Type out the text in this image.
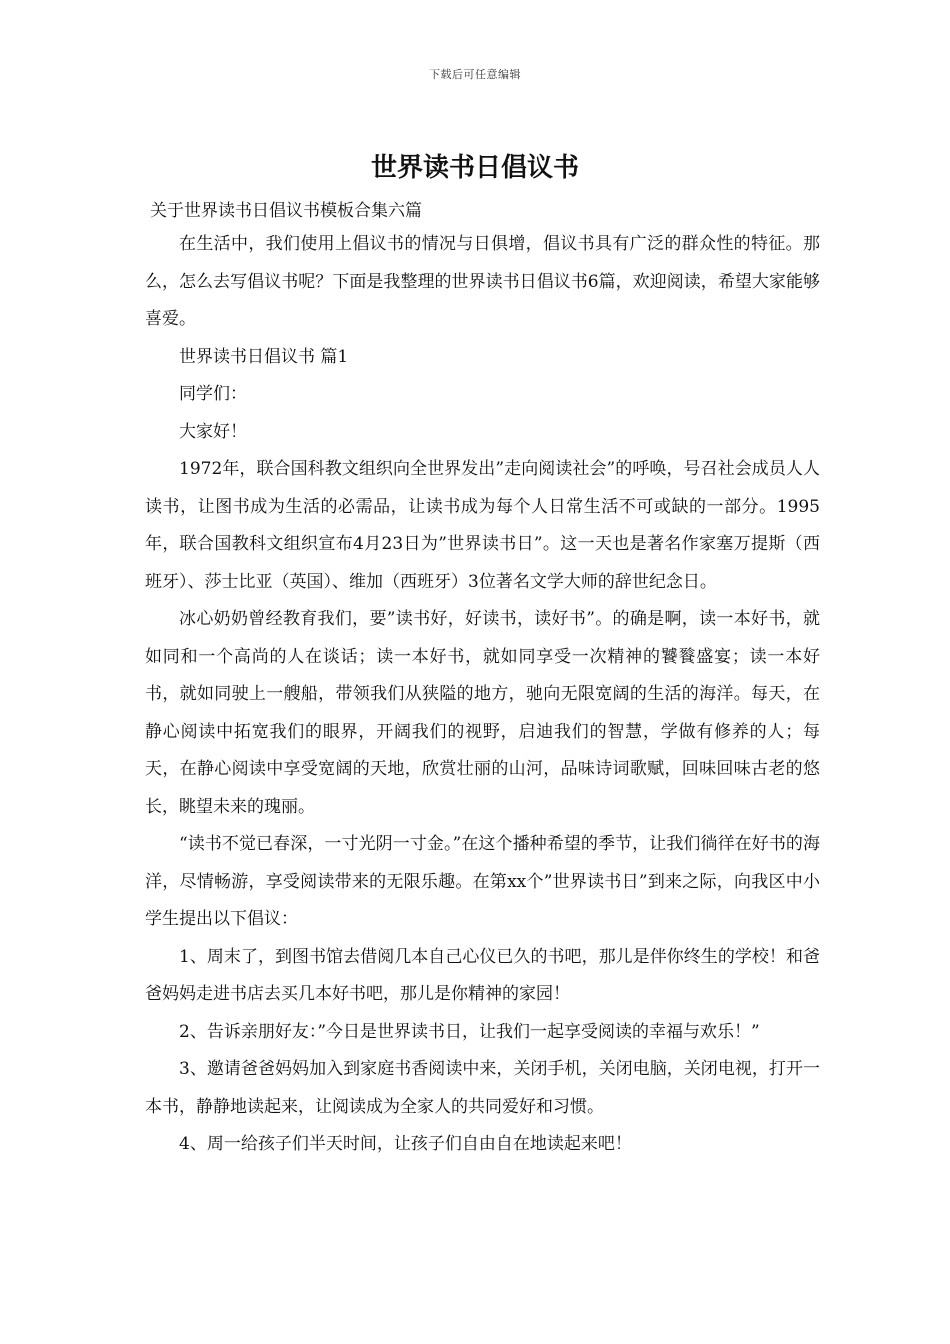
下载后可任意编辑
世界读书日倡议书
关于世界读书日倡议书模板合集六篇

在生活中，我们使用上倡议书的情况与日俱增，倡议书具有广泛的群众性的特征。那么，怎么去写倡议书呢？下面是我整理的世界读书日倡议书6篇，欢迎阅读，希望大家能够喜爱。

世界读书日倡议书 篇1

同学们：

大家好！

1972年，联合国科教文组织向全世界发出”走向阅读社会”的呼唤，号召社会成员人人读书，让图书成为生活的必需品，让读书成为每个人日常生活不可或缺的一部分。1995年，联合国教科文组织宣布4月23日为”世界读书日”。这一天也是著名作家塞万提斯（西班牙）、莎士比亚（英国）、维加（西班牙）3位著名文学大师的辞世纪念日。

冰心奶奶曾经教育我们，要”读书好，好读书，读好书”。的确是啊，读一本好书，就如同和一个高尚的人在谈话；读一本好书，就如同享受一次精神的饕餮盛宴；读一本好书，就如同驶上一艘船，带领我们从狭隘的地方，驰向无限宽阔的生活的海洋。每天，在静心阅读中拓宽我们的眼界，开阔我们的视野，启迪我们的智慧，学做有修养的人；每天，在静心阅读中享受宽阔的天地，欣赏壮丽的山河，品味诗词歌赋，回味回味古老的悠长，眺望未来的瑰丽。

“读书不觉已春深，一寸光阴一寸金。”在这个播种希望的季节，让我们徜徉在好书的海洋，尽情畅游，享受阅读带来的无限乐趣。在第xx个”世界读书日”到来之际，向我区中小学生提出以下倡议：

1、周末了，到图书馆去借阅几本自己心仪已久的书吧，那儿是伴你终生的学校！和爸爸妈妈走进书店去买几本好书吧，那儿是你精神的家园！

2、告诉亲朋好友：”今日是世界读书日，让我们一起享受阅读的幸福与欢乐！”

3、邀请爸爸妈妈加入到家庭书香阅读中来，关闭手机，关闭电脑，关闭电视，打开一本书，静静地读起来，让阅读成为全家人的共同爱好和习惯。

4、周一给孩子们半天时间，让孩子们自由自在地读起来吧！
